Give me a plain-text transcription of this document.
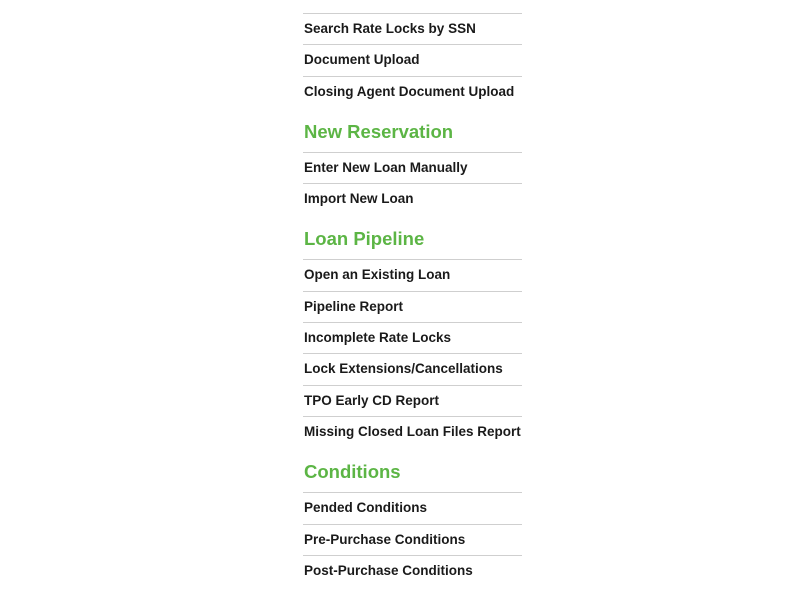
Search Rate Locks by SSN
Document Upload
Closing Agent Document Upload
New Reservation
Enter New Loan Manually
Import New Loan
Loan Pipeline
Open an Existing Loan
Pipeline Report
Incomplete Rate Locks
Lock Extensions/Cancellations
TPO Early CD Report
Missing Closed Loan Files Report
Conditions
Pended Conditions
Pre-Purchase Conditions
Post-Purchase Conditions
